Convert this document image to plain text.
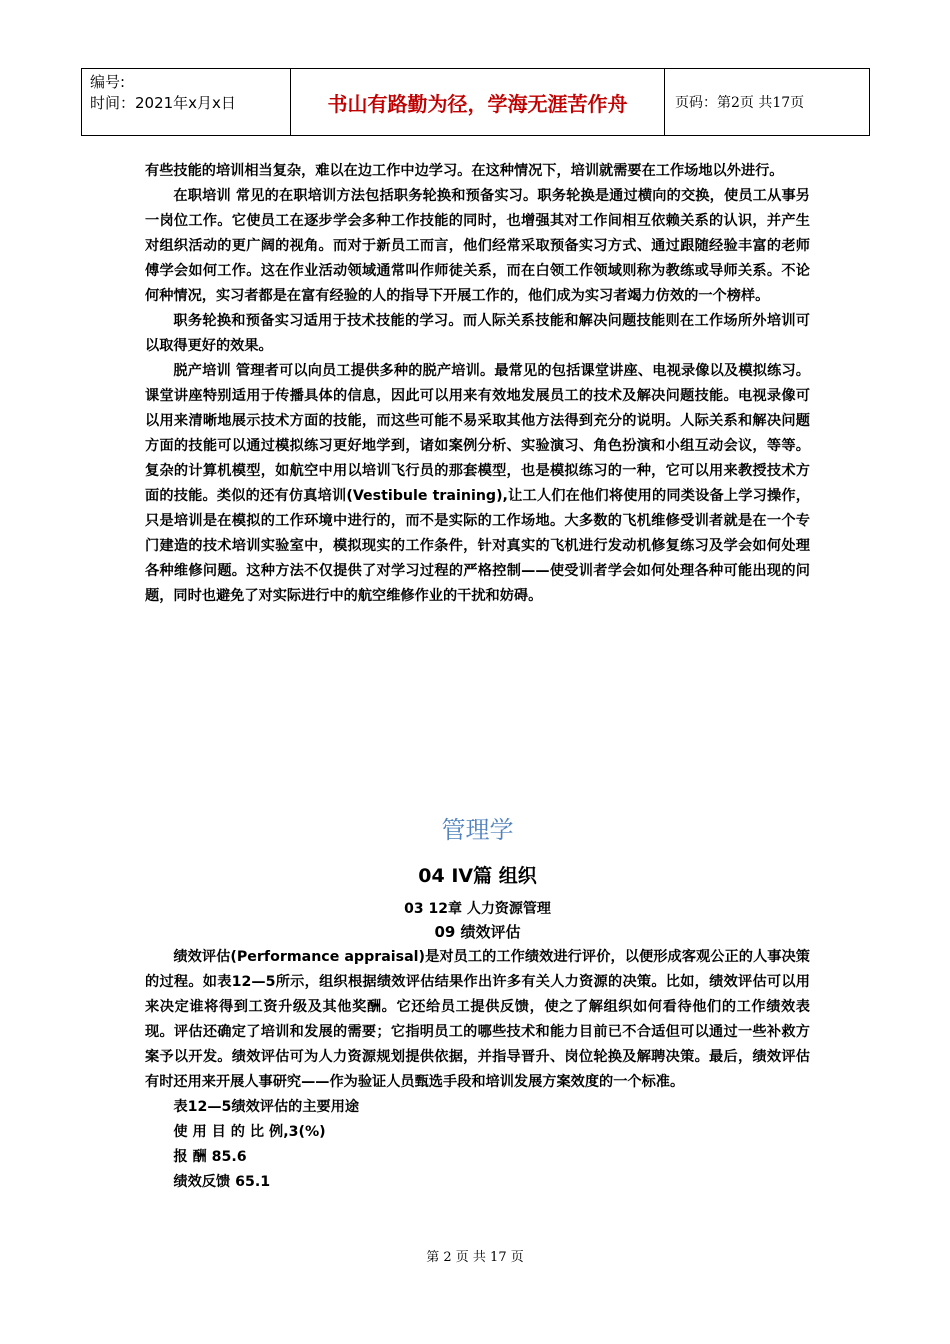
编号:
时间：2021年x月x日	书山有路勤为径，学海无涯苦作舟	页码：第2页 共17页

有些技能的培训相当复杂，难以在边工作中边学习。在这种情况下，培训就需要在工作场地以外进行。

在职培训 常见的在职培训方法包括职务轮换和预备实习。职务轮换是通过横向的交换，使员工从事另一岗位工作。它使员工在逐步学会多种工作技能的同时，也增强其对工作间相互依赖关系的认识，并产生对组织活动的更广阔的视角。而对于新员工而言，他们经常采取预备实习方式、通过跟随经验丰富的老师傅学会如何工作。这在作业活动领域通常叫作师徒关系，而在白领工作领域则称为教练或导师关系。不论何种情况，实习者都是在富有经验的人的指导下开展工作的，他们成为实习者竭力仿效的一个榜样。

职务轮换和预备实习适用于技术技能的学习。而人际关系技能和解决问题技能则在工作场所外培训可以取得更好的效果。

脱产培训 管理者可以向员工提供多种的脱产培训。最常见的包括课堂讲座、电视录像以及模拟练习。课堂讲座特别适用于传播具体的信息，因此可以用来有效地发展员工的技术及解决问题技能。电视录像可以用来清晰地展示技术方面的技能，而这些可能不易采取其他方法得到充分的说明。人际关系和解决问题方面的技能可以通过模拟练习更好地学到，诸如案例分析、实验演习、角色扮演和小组互动会议，等等。复杂的计算机模型，如航空中用以培训飞行员的那套模型，也是模拟练习的一种，它可以用来教授技术方面的技能。类似的还有仿真培训(Vestibule training),让工人们在他们将使用的同类设备上学习操作，只是培训是在模拟的工作环境中进行的，而不是实际的工作场地。大多数的飞机维修受训者就是在一个专门建造的技术培训实验室中，模拟现实的工作条件，针对真实的飞机进行发动机修复练习及学会如何处理各种维修问题。这种方法不仅提供了对学习过程的严格控制——使受训者学会如何处理各种可能出现的问题，同时也避免了对实际进行中的航空维修作业的干扰和妨碍。

管理学

04 IV篇 组织

03 12章 人力资源管理

09 绩效评估

绩效评估(Performance appraisal)是对员工的工作绩效进行评价，以便形成客观公正的人事决策的过程。如表12—5所示，组织根据绩效评估结果作出许多有关人力资源的决策。比如，绩效评估可以用来决定谁将得到工资升级及其他奖酬。它还给员工提供反馈，使之了解组织如何看待他们的工作绩效表现。评估还确定了培训和发展的需要；它指明员工的哪些技术和能力目前已不合适但可以通过一些补救方案予以开发。绩效评估可为人力资源规划提供依据，并指导晋升、岗位轮换及解聘决策。最后，绩效评估有时还用来开展人事研究——作为验证人员甄选手段和培训发展方案效度的一个标准。

表12—5绩效评估的主要用途

使 用 目 的 比 例,3(%)

报 酬 85.6

绩效反馈 65.1

第 2 页 共 17 页
